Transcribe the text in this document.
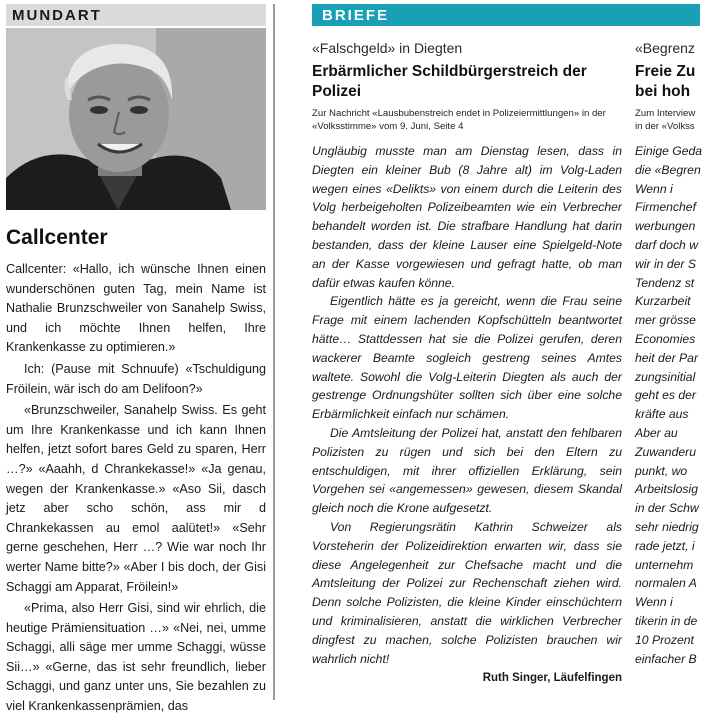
MUNDART
Callcenter

Callcenter: «Hallo, ich wünsche Ihnen einen wunderschönen guten Tag, mein Name ist Nathalie Brunzschweiler von Sanahelp Swiss, und ich möchte Ihnen helfen, Ihre Krankenkasse zu optimieren.»

Ich: (Pause mit Schnuufe) «Tschuldigung Fröilein, wär isch do am Delifoon?»

«Brunzschweiler, Sanahelp Swiss. Es geht um Ihre Krankenkasse und ich kann Ihnen helfen, jetzt sofort bares Geld zu sparen, Herr …?» «Aaahh, d Chrankekasse!» «Ja genau, wegen der Krankenkasse.» «Aso Sii, dasch jetz aber scho schön, ass mir d Chrankekassen au emol aalütet!» «Sehr gerne geschehen, Herr …? Wie war noch Ihr werter Name bitte?» «Aber I bis doch, der Gisi Schaggi am Apparat, Fröilein!»

«Prima, also Herr Gisi, sind wir ehrlich, die heutige Prämiensituation …» «Nei, nei, umme Schaggi, alli säge mer umme Schaggi, wüsse Sii…» «Gerne, das ist sehr freundlich, lieber Schaggi, und ganz unter uns, Sie bezahlen zu viel Krankenkassenprämien, das

BRIEFE
«Falschgeld» in Diegten
Erbärmlicher Schildbürgerstreich der Polizei
Zur Nachricht «Lausbubenstreich endet in Polizeiermittlungen» in der «Volksstimme» vom 9. Juni, Seite 4

Ungläubig musste man am Dienstag lesen, dass in Diegten ein kleiner Bub (8 Jahre alt) im Volg-Laden wegen eines «Delikts» von einem durch die Leiterin des Volg herbeigeholten Polizeibeamten wie ein Verbrecher behandelt worden ist. Die strafbare Handlung hat darin bestanden, dass der kleine Lauser eine Spielgeld-Note an der Kasse vorgewiesen und gefragt hatte, ob man dafür etwas kaufen könne.

Eigentlich hätte es ja gereicht, wenn die Frau seine Frage mit einem lachenden Kopfschütteln beantwortet hätte… Stattdessen hat sie die Polizei gerufen, deren wackerer Beamte sogleich gestreng seines Amtes waltete. Sowohl die Volg-Leiterin Diegten als auch der gestrenge Ordnungshüter sollten sich über eine solche Erbärmlichkeit einfach nur schämen.

Die Amtsleitung der Polizei hat, anstatt den fehlbaren Polizisten zu rügen und sich bei den Eltern zu entschuldigen, mit ihrer offiziellen Erklärung, sein Vorgehen sei «angemessen» gewesen, diesem Skandal gleich noch die Krone aufgesetzt.

Von Regierungsrätin Kathrin Schweizer als Vorsteherin der Polizeidirektion erwarten wir, dass sie diese Angelegenheit zur Chefsache macht und die Amtsleitung der Polizei zur Rechenschaft ziehen wird. Denn solche Polizisten, die kleine Kinder einschüchtern und kriminalisieren, anstatt die wirklichen Verbrecher dingfest zu machen, solche Polizisten brauchen wir wahrlich nicht!

Ruth Singer, Läufelfingen
«Begrenz
Freie Zu
bei hoh
Zum Interview
in der «Volkss
Einige Geda
die «Begren
Wenn i
Firmenchef
werbungen
darf doch w
wir in der S
Tendenz st
Kurzarbeit
mer grösse
Economies
heit der Par
zungsinitial
geht es der
kräfte aus
Aber au
Zuwanderu
punkt, wo
Arbeitslosig
in der Schw
sehr niedrig
rade jetzt, i
unternehm
normalen A
Wenn i
tikerin in de
10 Prozent
einfacher B
